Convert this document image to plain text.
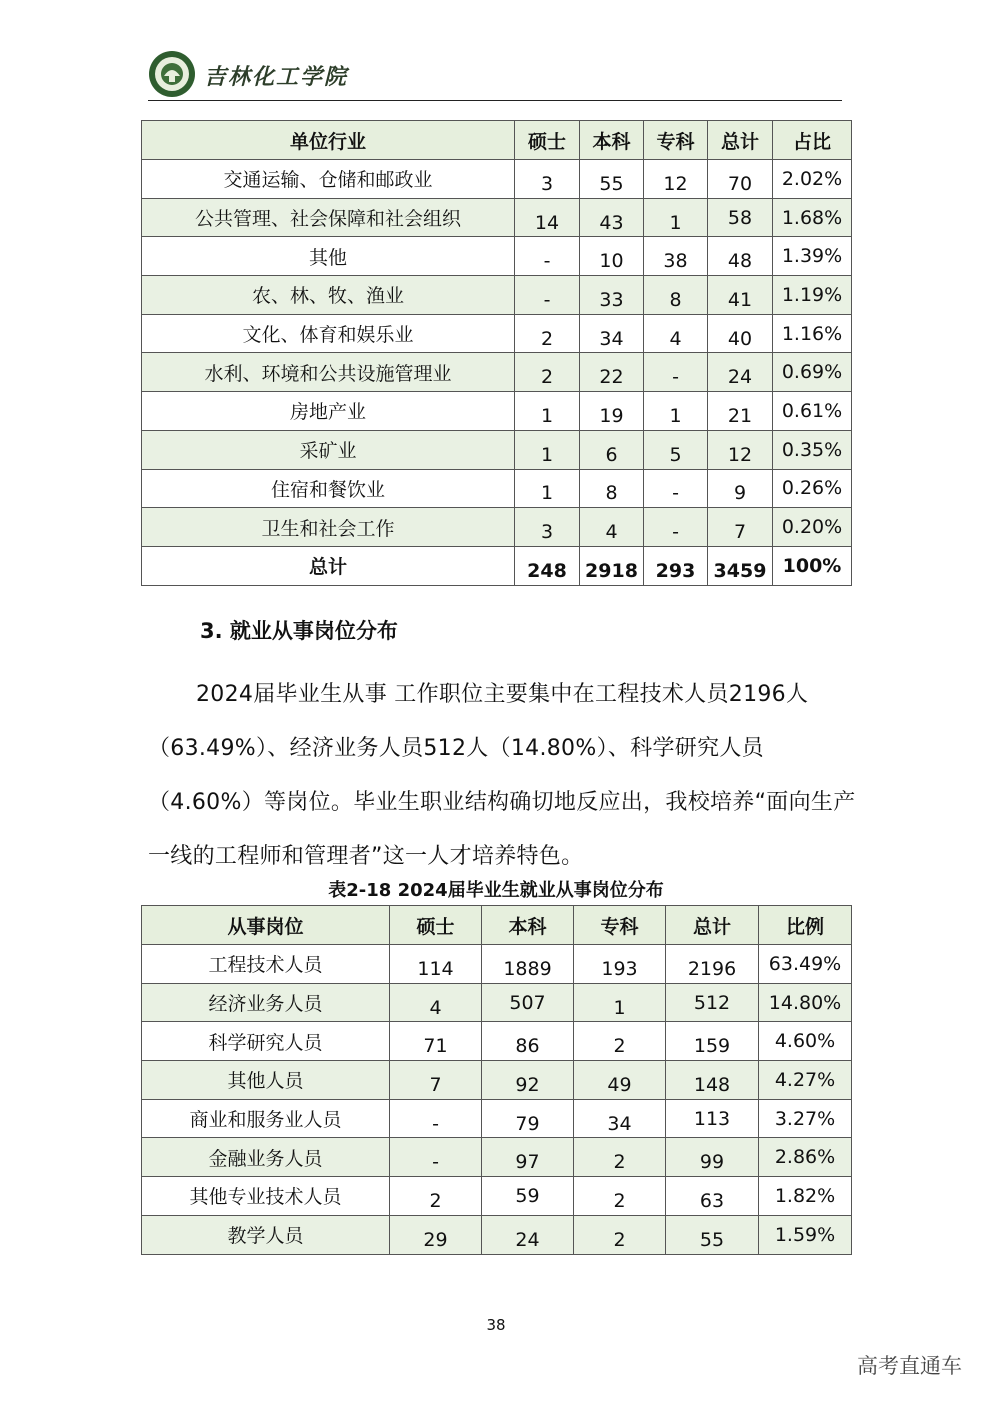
吉林化工学院
单位行业	硕士	本科	专科	总计	占比
交通运输、仓储和邮政业	3	55	12	70	2.02%
公共管理、社会保障和社会组织	14	43	1	58	1.68%
其他	-	10	38	48	1.39%
农、林、牧、渔业	-	33	8	41	1.19%
文化、体育和娱乐业	2	34	4	40	1.16%
水利、环境和公共设施管理业	2	22	-	24	0.69%
房地产业	1	19	1	21	0.61%
采矿业	1	6	5	12	0.35%
住宿和餐饮业	1	8	-	9	0.26%
卫生和社会工作	3	4	-	7	0.20%
总计	248	2918	293	3459	100%
3. 就业从事岗位分布
2024届毕业生从事 工作职位主要集中在工程技术人员2196人（63.49%）、经济业务人员512人（14.80%）、科学研究人员（4.60%）等岗位。毕业生职业结构确切地反应出，我校培养“面向生产一线的工程师和管理者”这一人才培养特色。
表2-18 2024届毕业生就业从事岗位分布
从事岗位	硕士	本科	专科	总计	比例
工程技术人员	114	1889	193	2196	63.49%
经济业务人员	4	507	1	512	14.80%
科学研究人员	71	86	2	159	4.60%
其他人员	7	92	49	148	4.27%
商业和服务业人员	-	79	34	113	3.27%
金融业务人员	-	97	2	99	2.86%
其他专业技术人员	2	59	2	63	1.82%
教学人员	29	24	2	55	1.59%
38
高考直通车
